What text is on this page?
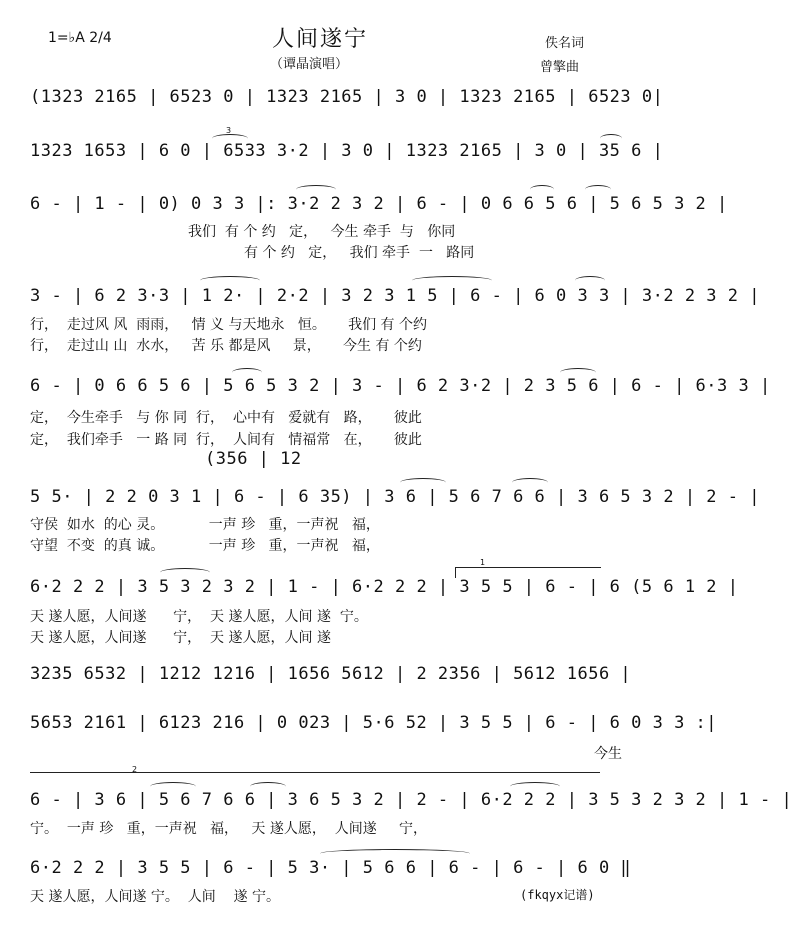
1=♭A 2/4	人间遂宁
（谭晶演唱）
佚名词
曾擎曲
(1323 2165 | 6523 0 | 1323 2165 | 3 0 | 1323 2165 | 6523 0|
1323 1653 | 6 0 | 6533 3·2 | 3 0 | 1323 2165 | 3 0 | 35 6 |
3
6 - | 1 - | 0) 0 3 3 |: 3·2 2 3 2 | 6 - | 0 6 6 5 6 | 5 6 5 3 2 |
我们  有 个 约   定，   今生 牵手  与   你同
有 个 约   定，   我们 牵手  一   路同
3 - | 6 2 3·3 | 1 2· | 2·2 | 3 2 3 1 5 | 6 - | 6 0 3 3 | 3·2 2 3 2 |
行，  走过风 风  雨雨，   情 义 与天地永   恒。     我们 有 个约
行，  走过山 山  水水，   苦 乐 都是风     景，     今生 有 个约
6 - | 0 6 6 5 6 | 5 6 5 3 2 | 3 - | 6 2 3·2 | 2 3 5 6 | 6 - | 6·3 3 |
定，  今生牵手   与 你 同  行，  心中有   爱就有   路，     彼此
定，  我们牵手   一 路 同  行，  人间有   情福常   在，     彼此
(356 | 12
5 5· | 2 2 0 3 1 | 6 - | 6 35) | 3 6 | 5 6 7 6 6 | 3 6 5 3 2 | 2 - |
守侯  如水  的心 灵。          一声 珍   重，一声祝   福，
守望  不变  的真 诚。          一声 珍   重，一声祝   福，
1
6·2 2 2 | 3 5 3 2 3 2 | 1 - | 6·2 2 2 | 3 5 5 | 6 - | 6 (5 6 1 2 |
天 遂人愿，人间遂      宁，  天 遂人愿，人间 遂  宁。
天 遂人愿，人间遂      宁，  天 遂人愿，人间 遂
3235 6532 | 1212 1216 | 1656 5612 | 2 2356 | 5612 1656 |
5653 2161 | 6123 216 | 0 023 | 5·6 52 | 3 5 5 | 6 - | 6 0 3 3 :|
今生
2
6 - | 3 6 | 5 6 7 6 6 | 3 6 5 3 2 | 2 - | 6·2 2 2 | 3 5 3 2 3 2 | 1 - |
宁。  一声 珍   重，一声祝   福，   天 遂人愿，  人间遂     宁，
6·2 2 2 | 3 5 5 | 6 - | 5 3· | 5 6 6 | 6 - | 6 - | 6 0 ‖
天 遂人愿，人间遂 宁。  人间    遂 宁。	(fkqyx记谱)
